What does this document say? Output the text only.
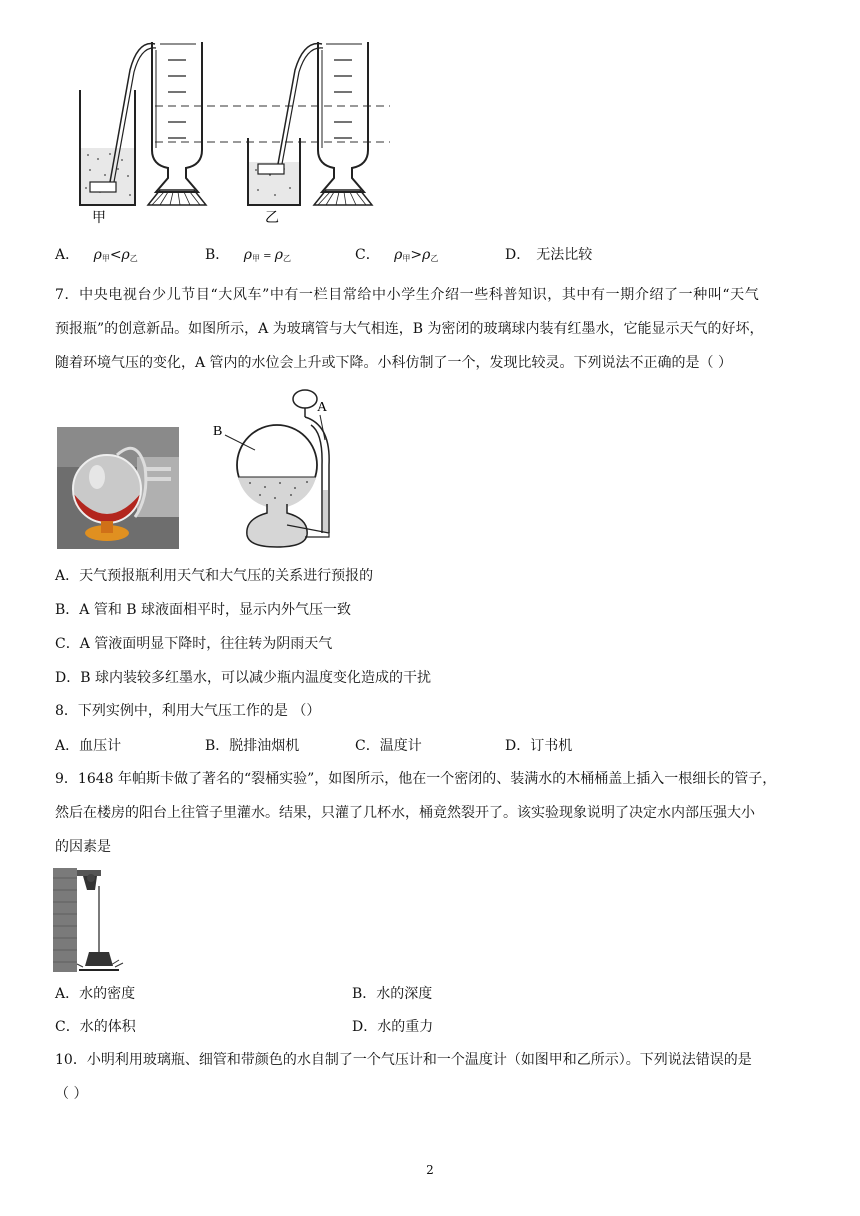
甲	乙
A． $\rho_甲<\rho_乙$	B． $\rho_甲 = \rho_乙$	C． $\rho_甲>\rho_乙$	D． 无法比较
7．中央电视台少儿节目“大风车”中有一栏目常给中小学生介绍一些科普知识，其中有一期介绍了一种叫“天气
预报瓶”的创意新品。如图所示，A 为玻璃管与大气相连，B 为密闭的玻璃球内装有红墨水，它能显示天气的好坏，
随着环境气压的变化，A 管内的水位会上升或下降。小科仿制了一个，发现比较灵。下列说法不正确的是（ ）
B
A
A．天气预报瓶利用天气和大气压的关系进行预报的
B．A 管和 B 球液面相平时，显示内外气压一致
C．A 管液面明显下降时，往往转为阴雨天气
D．B 球内装较多红墨水，可以减少瓶内温度变化造成的干扰
8．下列实例中，利用大气压工作的是 （）
A．血压计	B．脱排油烟机	C．温度计	D．订书机
9．1648 年帕斯卡做了著名的“裂桶实验”，如图所示，他在一个密闭的、装满水的木桶桶盖上插入一根细长的管子，
然后在楼房的阳台上往管子里灌水。结果，只灌了几杯水，桶竟然裂开了。该实验现象说明了决定水内部压强大小
的因素是
A．水的密度	B．水的深度
C．水的体积	D．水的重力
10．小明利用玻璃瓶、细管和带颜色的水自制了一个气压计和一个温度计（如图甲和乙所示）。下列说法错误的是
（ ）
2
